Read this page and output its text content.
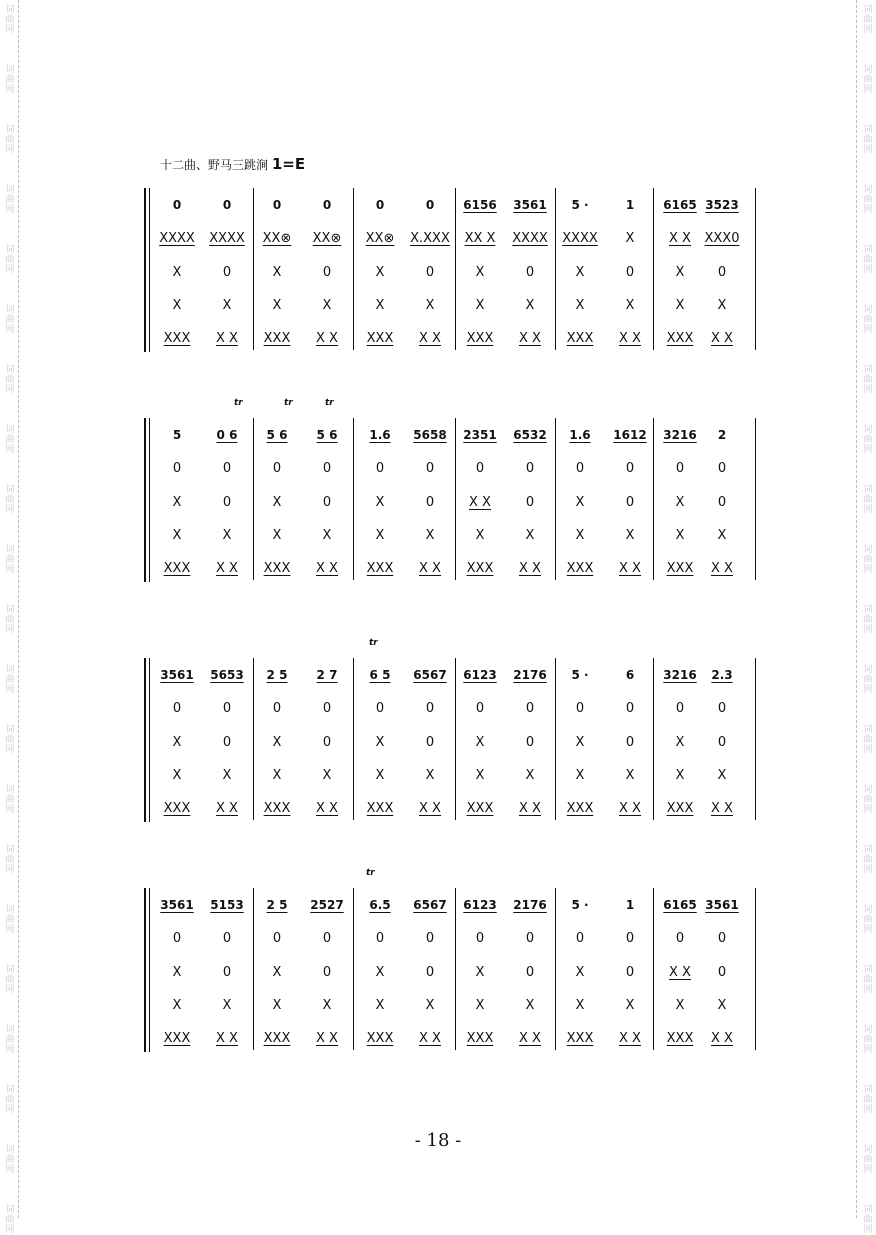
词
曲
网
词
曲
网
词
曲
网
词
曲
网
词
曲
网
词
曲
网
词
曲
网
词
曲
网
词
曲
网
词
曲
网
词
曲
网
词
曲
网
词
曲
网
词
曲
网
词
曲
网
词
曲
网
词
曲
网
词
曲
网
词
曲
网
词
曲
网
词
曲
网
词
曲
网
词
曲
网
词
曲
网
词
曲
网
词
曲
网
词
曲
网
词
曲
网
词
曲
网
词
曲
网
词
曲
网
词
曲
网
词
曲
网
词
曲
网
词
曲
网
词
曲
网
词
曲
网
词
曲
网
词
曲
网
词
曲
网
词
曲
网
词
曲
网
十二曲、野马三跳涧 1=E
0	0	0	0	0	0	6156	3561	5 ·	1	6165 3523
XXXX	XXXX	XX⊗	XX⊗	XX⊗	X.XXX	XX X	XXXX	XXXX	X	X X	XXX0
X	0	X	0	X	0	X	0	X	0	X	0
X	X	X	X	X	X	X	X	X	X	X	X
XXX	X X	XXX	X X	XXX	X X	XXX	X X	XXX	X X	XXX	X X
5	0 6	5 6	5 6	1.6	5658	2351	6532	1.6	1612	3216	2
0	0	0	0	0	0	0	0	0	0	0	0
X	0	X	0	X	0	X X	0	X	0	X	0
X	X	X	X	X	X	X	X	X	X	X	X
XXX	X X	XXX	X X	XXX	X X	XXX	X X	XXX	X X	XXX	X X
3561	5653	2 5	2 7	6 5	6567	6123	2176	5 ·	6	3216	2.3
0	0	0	0	0	0	0	0	0	0	0	0
X	0	X	0	X	0	X	0	X	0	X	0
X	X	X	X	X	X	X	X	X	X	X	X
XXX	X X	XXX	X X	XXX	X X	XXX	X X	XXX	X X	XXX	X X
3561	5153	2 5	2527	6.5	6567	6123	2176	5 ·	1	6165 3561
0	0	0	0	0	0	0	0	0	0	0	0
X	0	X	0	X	0	X	0	X	0	X X	0
X	X	X	X	X	X	X	X	X	X	X	X
XXX	X X	XXX	X X	XXX	X X	XXX	X X	XXX	X X	XXX	X X
tr	tr	tr
tr
tr
- 18 -
